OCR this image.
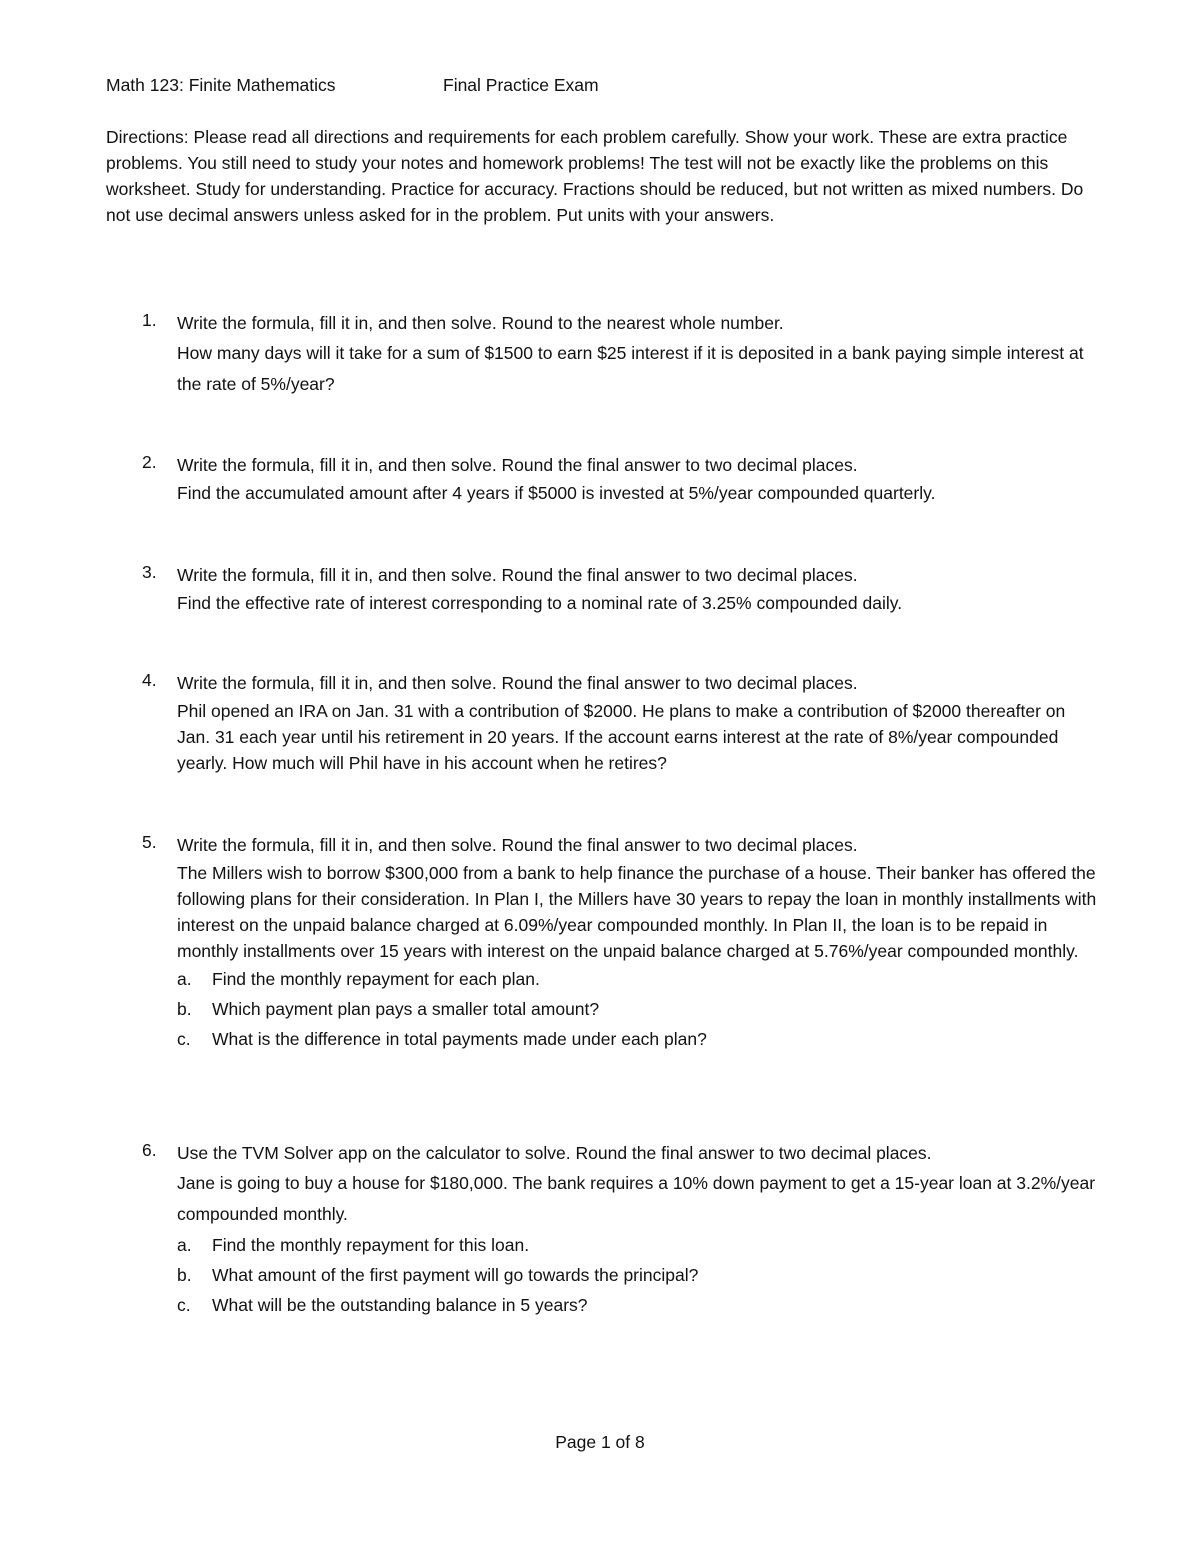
Math 123: Finite Mathematics	Final Practice Exam
Directions: Please read all directions and requirements for each problem carefully. Show your work. These are extra practice problems. You still need to study your notes and homework problems! The test will not be exactly like the problems on this worksheet. Study for understanding. Practice for accuracy. Fractions should be reduced, but not written as mixed numbers. Do not use decimal answers unless asked for in the problem. Put units with your answers.
1. Write the formula, fill it in, and then solve. Round to the nearest whole number.
How many days will it take for a sum of $1500 to earn $25 interest if it is deposited in a bank paying simple interest at the rate of 5%/year?
2. Write the formula, fill it in, and then solve. Round the final answer to two decimal places.
Find the accumulated amount after 4 years if $5000 is invested at 5%/year compounded quarterly.
3. Write the formula, fill it in, and then solve. Round the final answer to two decimal places.
Find the effective rate of interest corresponding to a nominal rate of 3.25% compounded daily.
4. Write the formula, fill it in, and then solve. Round the final answer to two decimal places.
Phil opened an IRA on Jan. 31 with a contribution of $2000. He plans to make a contribution of $2000 thereafter on Jan. 31 each year until his retirement in 20 years. If the account earns interest at the rate of 8%/year compounded yearly. How much will Phil have in his account when he retires?
5. Write the formula, fill it in, and then solve. Round the final answer to two decimal places.
The Millers wish to borrow $300,000 from a bank to help finance the purchase of a house. Their banker has offered the following plans for their consideration. In Plan I, the Millers have 30 years to repay the loan in monthly installments with interest on the unpaid balance charged at 6.09%/year compounded monthly. In Plan II, the loan is to be repaid in monthly installments over 15 years with interest on the unpaid balance charged at 5.76%/year compounded monthly.
a. Find the monthly repayment for each plan.
b. Which payment plan pays a smaller total amount?
c. What is the difference in total payments made under each plan?
6. Use the TVM Solver app on the calculator to solve. Round the final answer to two decimal places.
Jane is going to buy a house for $180,000. The bank requires a 10% down payment to get a 15-year loan at 3.2%/year compounded monthly.
a. Find the monthly repayment for this loan.
b. What amount of the first payment will go towards the principal?
c. What will be the outstanding balance in 5 years?
Page 1 of 8
